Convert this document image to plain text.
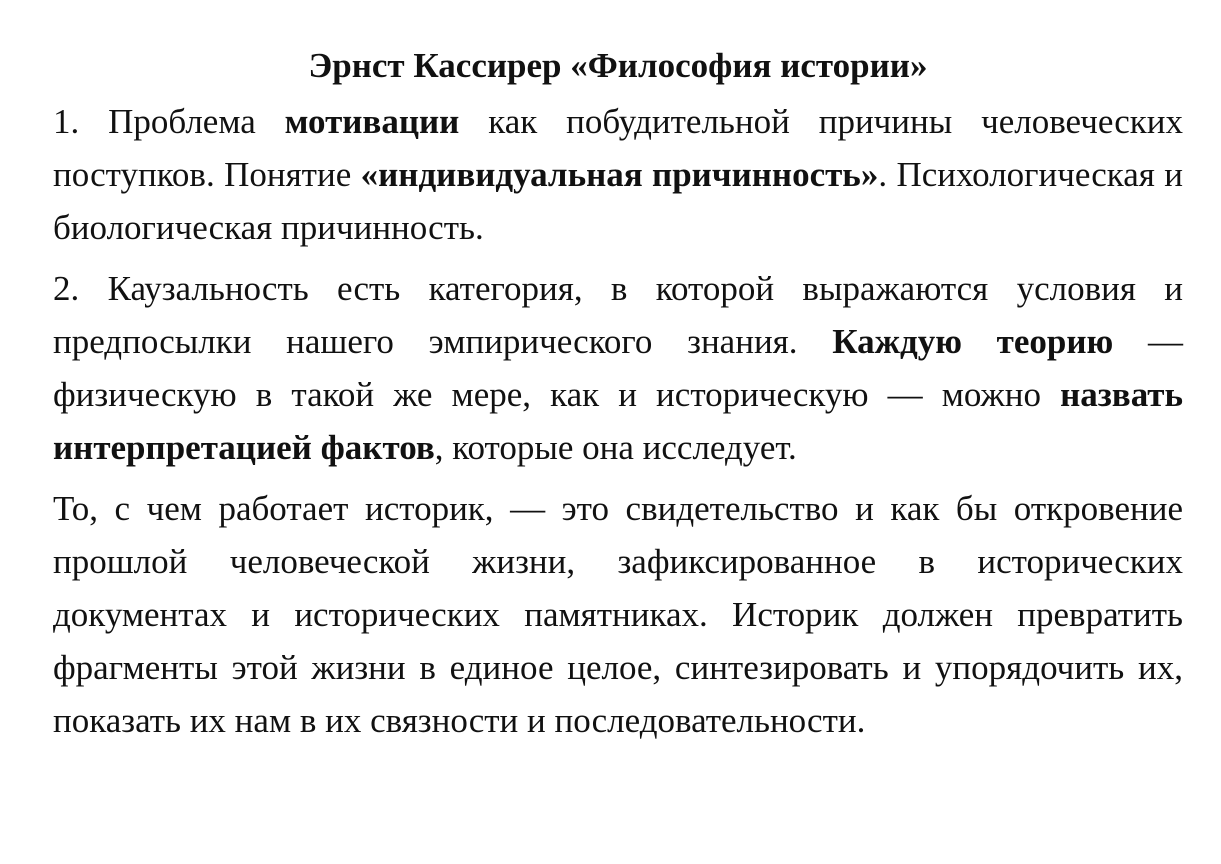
Эрнст Кассирер «Философия истории»

1. Проблема мотивации как побудительной причины человеческих поступков. Понятие «индивидуальная причинность». Психологическая и биологическая причинность.

2. Каузальность есть категория, в которой выражаются условия и предпосылки нашего эмпирического знания. Каждую теорию — физическую в такой же мере, как и историческую — можно назвать интерпретацией фактов, которые она исследует.

То, с чем работает историк, — это свидетельство и как бы откровение прошлой человеческой жизни, зафиксированное в исторических документах и исторических памятниках. Историк должен превратить фрагменты этой жизни в единое целое, синтезировать и упорядочить их, показать их нам в их связности и последовательности.
